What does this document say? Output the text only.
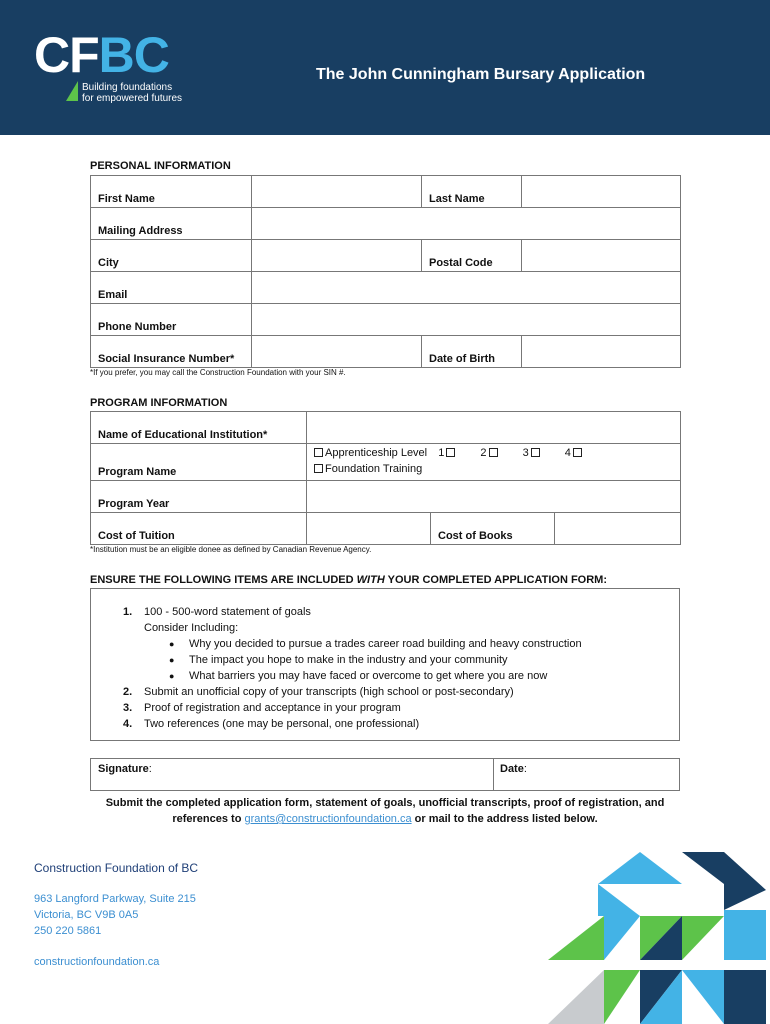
CFBC
Building foundations
for empowered futures
The John Cunningham Bursary Application
PERSONAL INFORMATION
First Name		Last Name	
Mailing Address			
City		Postal Code	
Email			
Phone Number			
Social Insurance Number*		Date of Birth	
*If you prefer, you may call the Construction Foundation with your SIN #.
PROGRAM INFORMATION
Name of Educational Institution*			
Program Name	Apprenticeship Level 1 2 3 4
Foundation Training		

Program Year			
Cost of Tuition		Cost of Books	
*Institution must be an eligible donee as defined by Canadian Revenue Agency.
ENSURE THE FOLLOWING ITEMS ARE INCLUDED WITH YOUR COMPLETED APPLICATION FORM:
1. 100 - 500-word statement of goals
Consider Including:
● Why you decided to pursue a trades career road building and heavy construction
● The impact you hope to make in the industry and your community
● What barriers you may have faced or overcome to get where you are now
2. Submit an unofficial copy of your transcripts (high school or post-secondary)
3. Proof of registration and acceptance in your program
4. Two references (one may be personal, one professional)
Signature:	Date:
Submit the completed application form, statement of goals, unofficial transcripts, proof of registration, and
references to grants@constructionfoundation.ca or mail to the address listed below.
Construction Foundation of BC
963 Langford Parkway, Suite 215
Victoria, BC V9B 0A5
250 220 5861
constructionfoundation.ca
